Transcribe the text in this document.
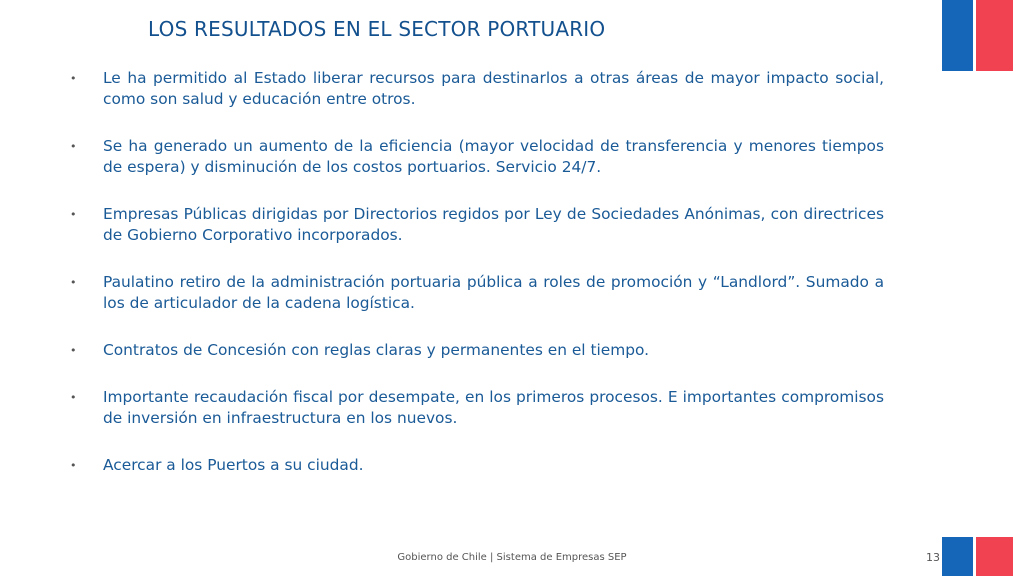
LOS RESULTADOS EN EL SECTOR PORTUARIO
• Le ha permitido al Estado liberar recursos para destinarlos a otras áreas de mayor impacto social, como son salud y educación entre otros.
• Se ha generado un aumento de la eficiencia (mayor velocidad de transferencia y menores tiempos de espera) y disminución de los costos portuarios. Servicio 24/7.
• Empresas Públicas dirigidas por Directorios regidos por Ley de Sociedades Anónimas, con directrices de Gobierno Corporativo incorporados.
• Paulatino retiro de la administración portuaria pública a roles de promoción y “Landlord”. Sumado a los de articulador de la cadena logística.
• Contratos de Concesión con reglas claras y permanentes en el tiempo.
• Importante recaudación fiscal por desempate, en los primeros procesos. E importantes compromisos de inversión en infraestructura en los nuevos.
• Acercar a los Puertos a su ciudad.
Gobierno de Chile | Sistema de Empresas SEP	13
